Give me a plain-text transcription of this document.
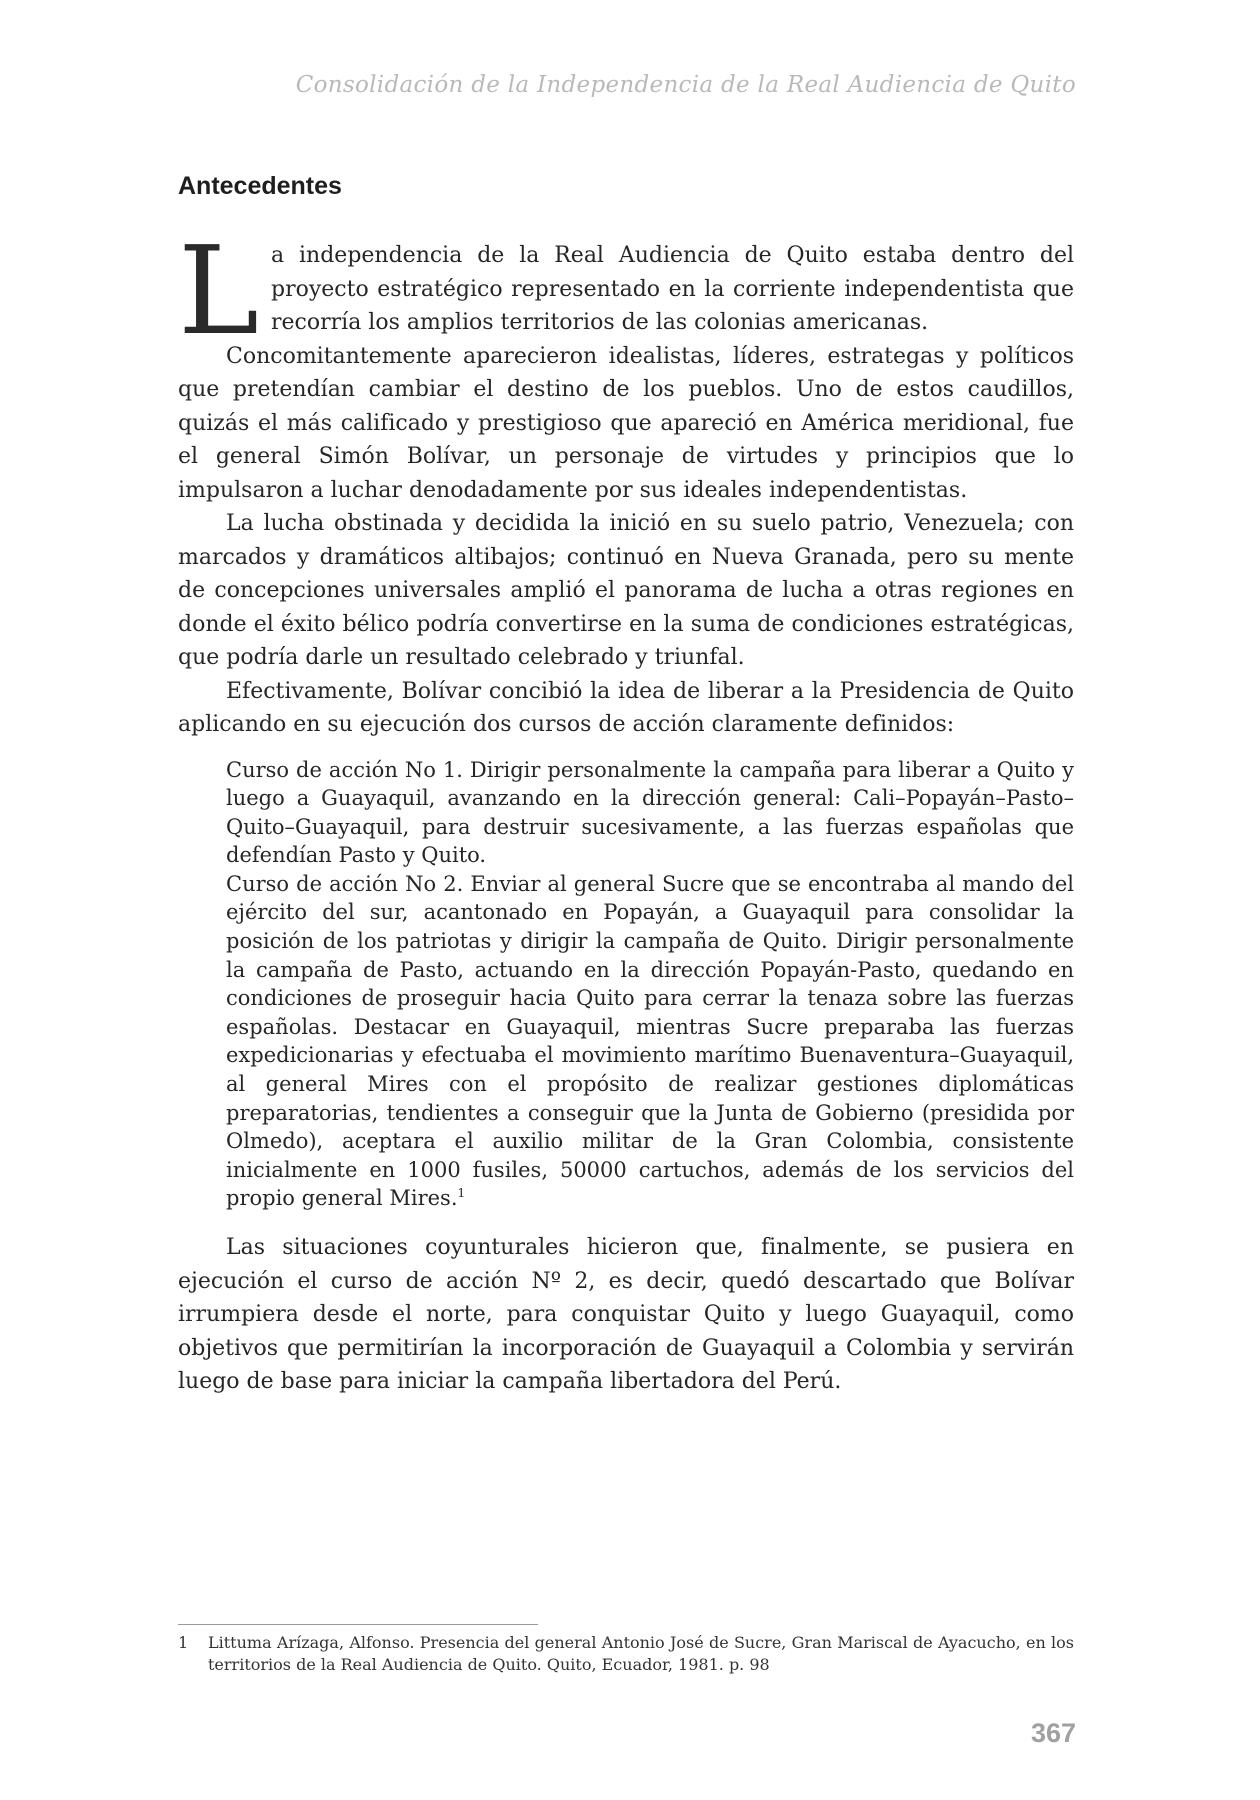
Consolidación de la Independencia de la Real Audiencia de Quito
Antecedentes

La independencia de la Real Audiencia de Quito estaba dentro del proyecto estratégico representado en la corriente independentista que recorría los amplios territorios de las colonias americanas.

Concomitantemente aparecieron idealistas, líderes, estrategas y políticos que pretendían cambiar el destino de los pueblos. Uno de estos caudillos, quizás el más calificado y prestigioso que apareció en América meridional, fue el general Simón Bolívar, un personaje de virtudes y principios que lo impulsaron a luchar denodadamente por sus ideales independentistas.

La lucha obstinada y decidida la inició en su suelo patrio, Venezuela; con marcados y dramáticos altibajos; continuó en Nueva Granada, pero su mente de concepciones universales amplió el panorama de lucha a otras regiones en donde el éxito bélico podría convertirse en la suma de condiciones estratégicas, que podría darle un resultado celebrado y triunfal.

Efectivamente, Bolívar concibió la idea de liberar a la Presidencia de Quito aplicando en su ejecución dos cursos de acción claramente definidos:

Curso de acción No 1. Dirigir personalmente la campaña para liberar a Quito y luego a Guayaquil, avanzando en la dirección general: Cali–Popayán–Pasto–Quito–Guayaquil, para destruir sucesivamente, a las fuerzas españolas que defendían Pasto y Quito.

Curso de acción No 2. Enviar al general Sucre que se encontraba al mando del ejército del sur, acantonado en Popayán, a Guayaquil para consolidar la posición de los patriotas y dirigir la campaña de Quito. Dirigir personalmente la campaña de Pasto, actuando en la dirección Popayán-Pasto, quedando en condiciones de proseguir hacia Quito para cerrar la tenaza sobre las fuerzas españolas. Destacar en Guayaquil, mientras Sucre preparaba las fuerzas expedicionarias y efectuaba el movimiento marítimo Buenaventura–Guayaquil, al general Mires con el propósito de realizar gestiones diplomáticas preparatorias, tendientes a conseguir que la Junta de Gobierno (presidida por Olmedo), aceptara el auxilio militar de la Gran Colombia, consistente inicialmente en 1000 fusiles, 50000 cartuchos, además de los servicios del propio general Mires.$^1$

Las situaciones coyunturales hicieron que, finalmente, se pusiera en ejecución el curso de acción Nº 2, es decir, quedó descartado que Bolívar irrumpiera desde el norte, para conquistar Quito y luego Guayaquil, como objetivos que permitirían la incorporación de Guayaquil a Colombia y servirán luego de base para iniciar la campaña libertadora del Perú.

1	Littuma Arízaga, Alfonso. Presencia del general Antonio José de Sucre, Gran Mariscal de Ayacucho, en los territorios de la Real Audiencia de Quito. Quito, Ecuador, 1981. p. 98
367
